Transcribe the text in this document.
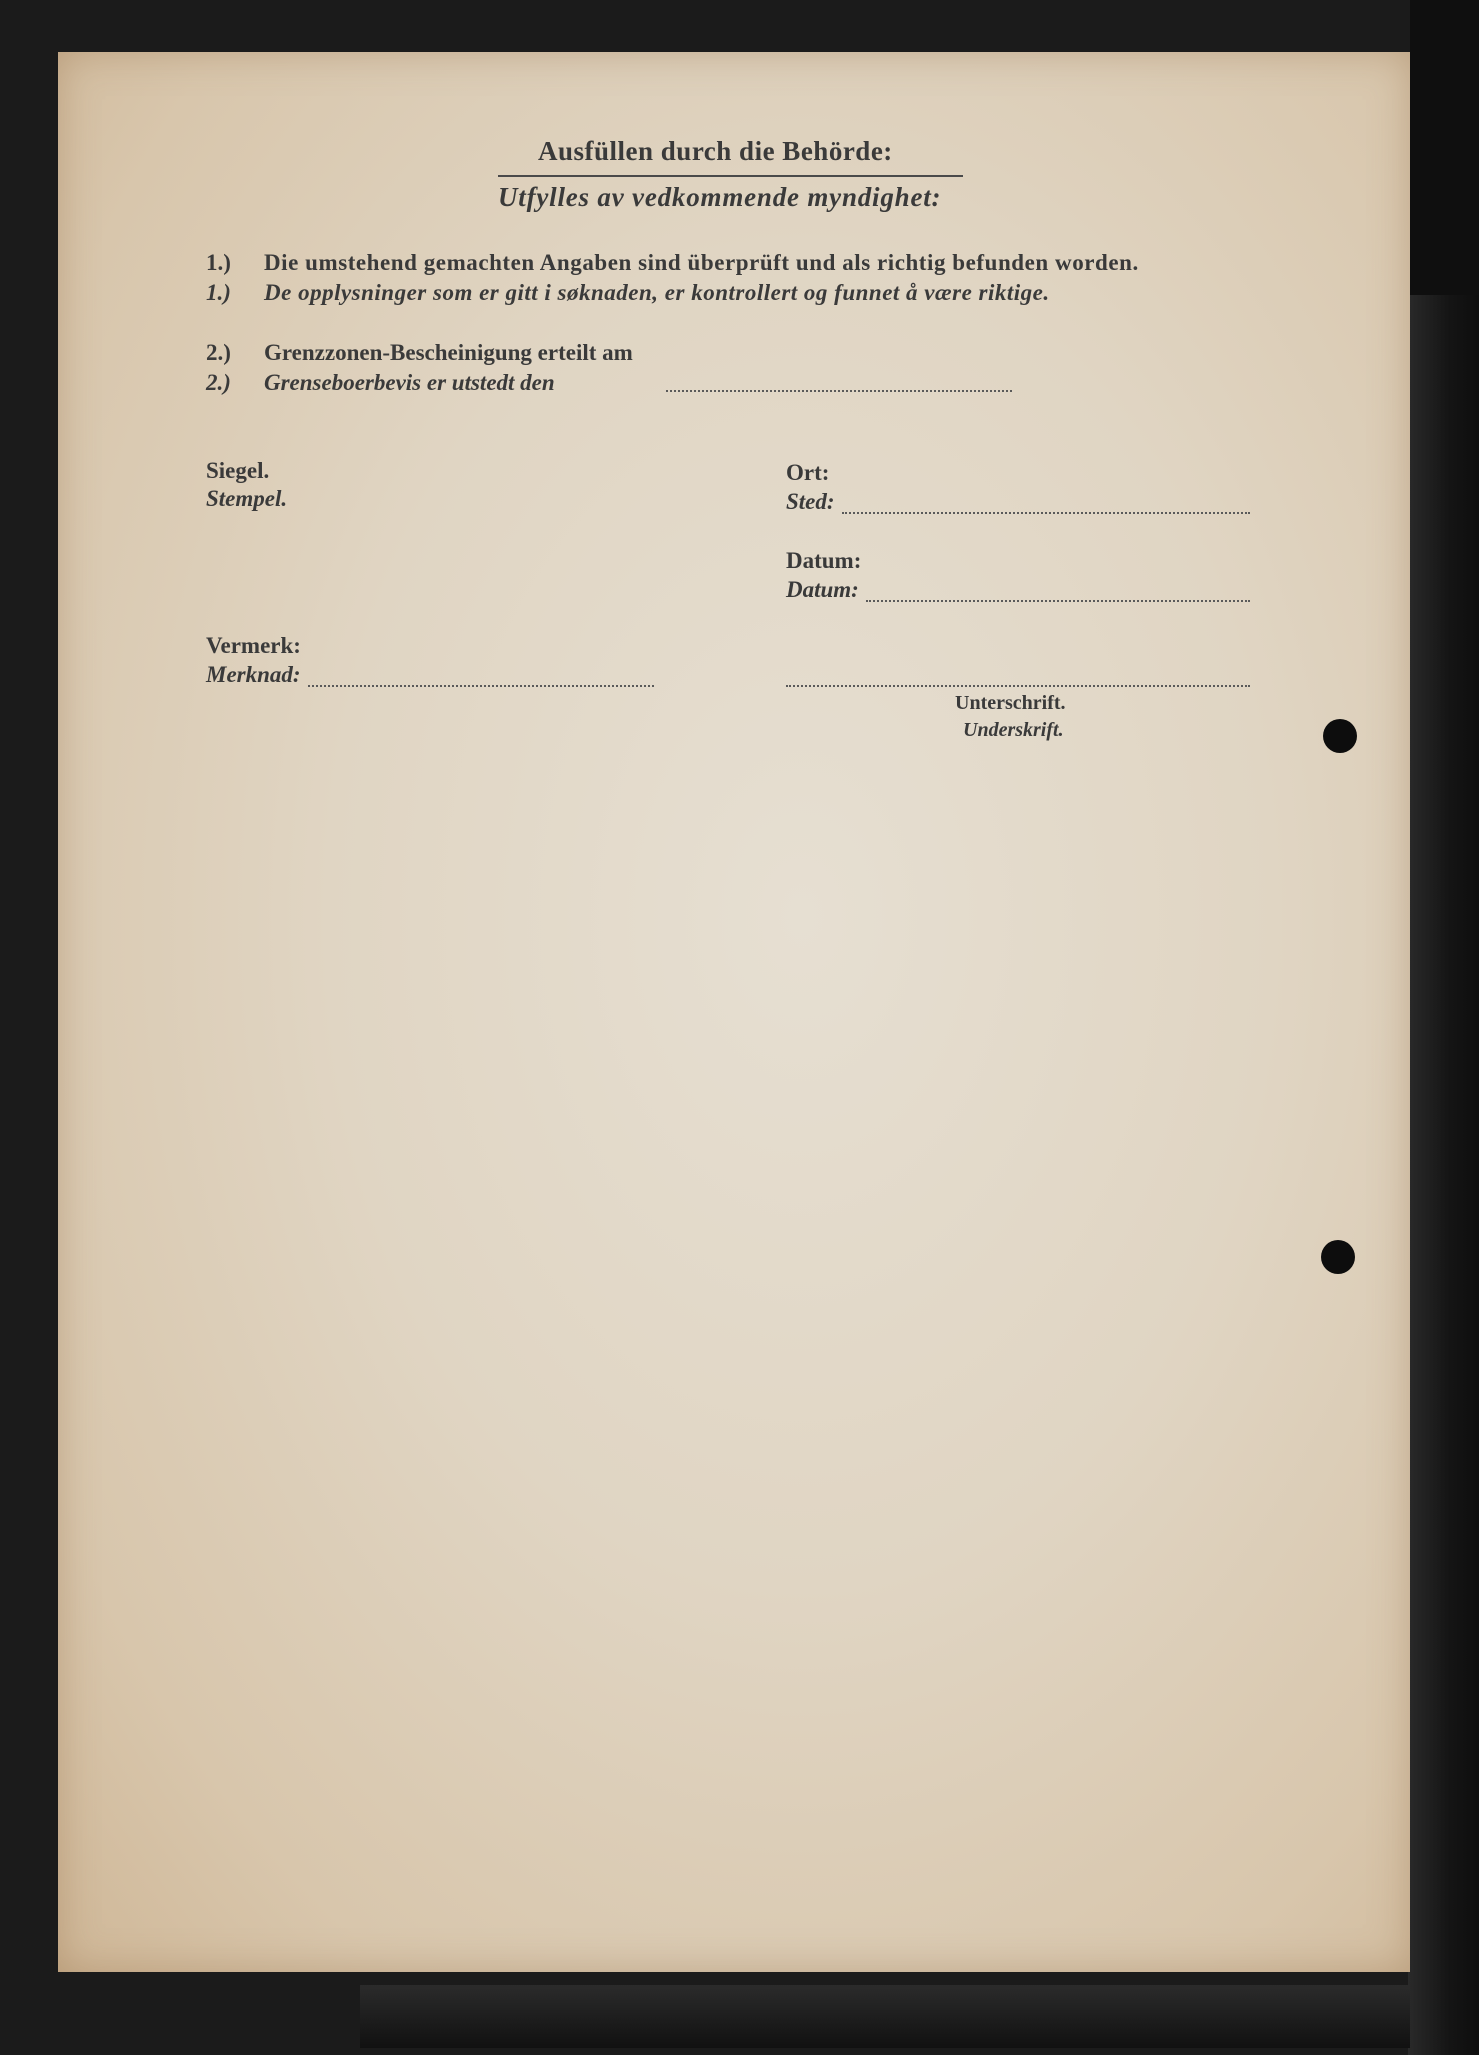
Ausfüllen durch die Behörde:
Utfylles av vedkommende myndighet:
1.) Die umstehend gemachten Angaben sind überprüft und als richtig befunden worden.
1.) De opplysninger som er gitt i søknaden, er kontrollert og funnet å være riktige.
2.) Grenzzonen-Bescheinigung erteilt am
2.) Grenseboerbevis er utstedt den
Siegel.
Stempel.
Ort:
Sted:
Datum:
Datum:
Vermerk:
Merknad:
Unterschrift.
Underskrift.
